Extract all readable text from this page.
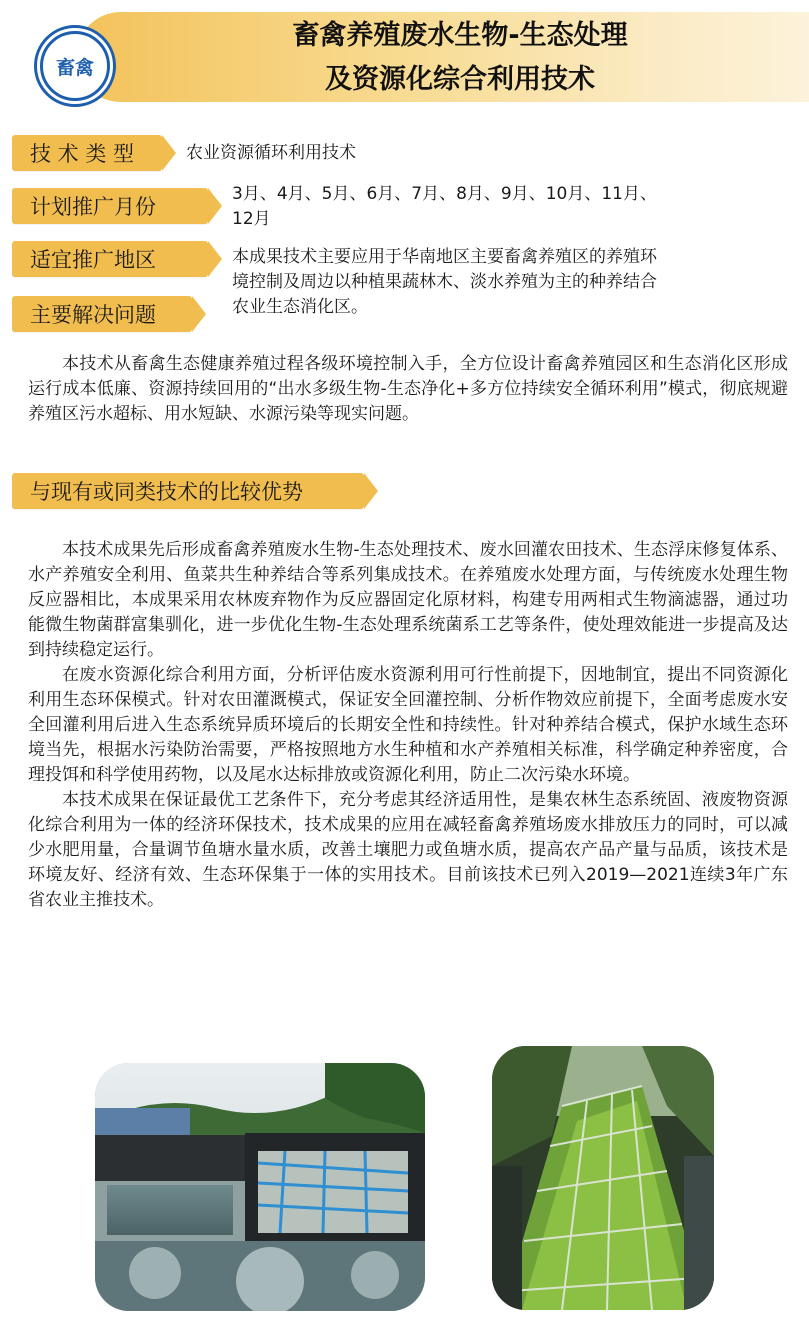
畜禽
畜禽养殖废水生物-生态处理
及资源化综合利用技术
技 术 类 型	农业资源循环利用技术
计划推广月份
3月、4月、5月、6月、7月、8月、9月、10月、11月、
12月
适宜推广地区
主要解决问题
本成果技术主要应用于华南地区主要畜禽养殖区的养殖环
境控制及周边以种植果蔬林木、淡水养殖为主的种养结合
农业生态消化区。

本技术从畜禽生态健康养殖过程各级环境控制入手，全方位设计畜禽养殖园区和生态消化区形成运行成本低廉、资源持续回用的“出水多级生物-生态净化+多方位持续安全循环利用”模式，彻底规避养殖区污水超标、用水短缺、水源污染等现实问题。

与现有或同类技术的比较优势

本技术成果先后形成畜禽养殖废水生物-生态处理技术、废水回灌农田技术、生态浮床修复体系、水产养殖安全利用、鱼菜共生种养结合等系列集成技术。在养殖废水处理方面，与传统废水处理生物反应器相比，本成果采用农林废弃物作为反应器固定化原材料，构建专用两相式生物滴滤器，通过功能微生物菌群富集驯化，进一步优化生物-生态处理系统菌系工艺等条件，使处理效能进一步提高及达到持续稳定运行。

在废水资源化综合利用方面，分析评估废水资源利用可行性前提下，因地制宜，提出不同资源化利用生态环保模式。针对农田灌溉模式，保证安全回灌控制、分析作物效应前提下，全面考虑废水安全回灌利用后进入生态系统异质环境后的长期安全性和持续性。针对种养结合模式，保护水域生态环境当先，根据水污染防治需要，严格按照地方水生种植和水产养殖相关标准，科学确定种养密度，合理投饵和科学使用药物，以及尾水达标排放或资源化利用，防止二次污染水环境。

本技术成果在保证最优工艺条件下，充分考虑其经济适用性，是集农林生态系统固、液废物资源化综合利用为一体的经济环保技术，技术成果的应用在减轻畜禽养殖场废水排放压力的同时，可以减少水肥用量，合量调节鱼塘水量水质，改善土壤肥力或鱼塘水质，提高农产品产量与品质，该技术是环境友好、经济有效、生态环保集于一体的实用技术。目前该技术已列入2019—2021连续3年广东省农业主推技术。
